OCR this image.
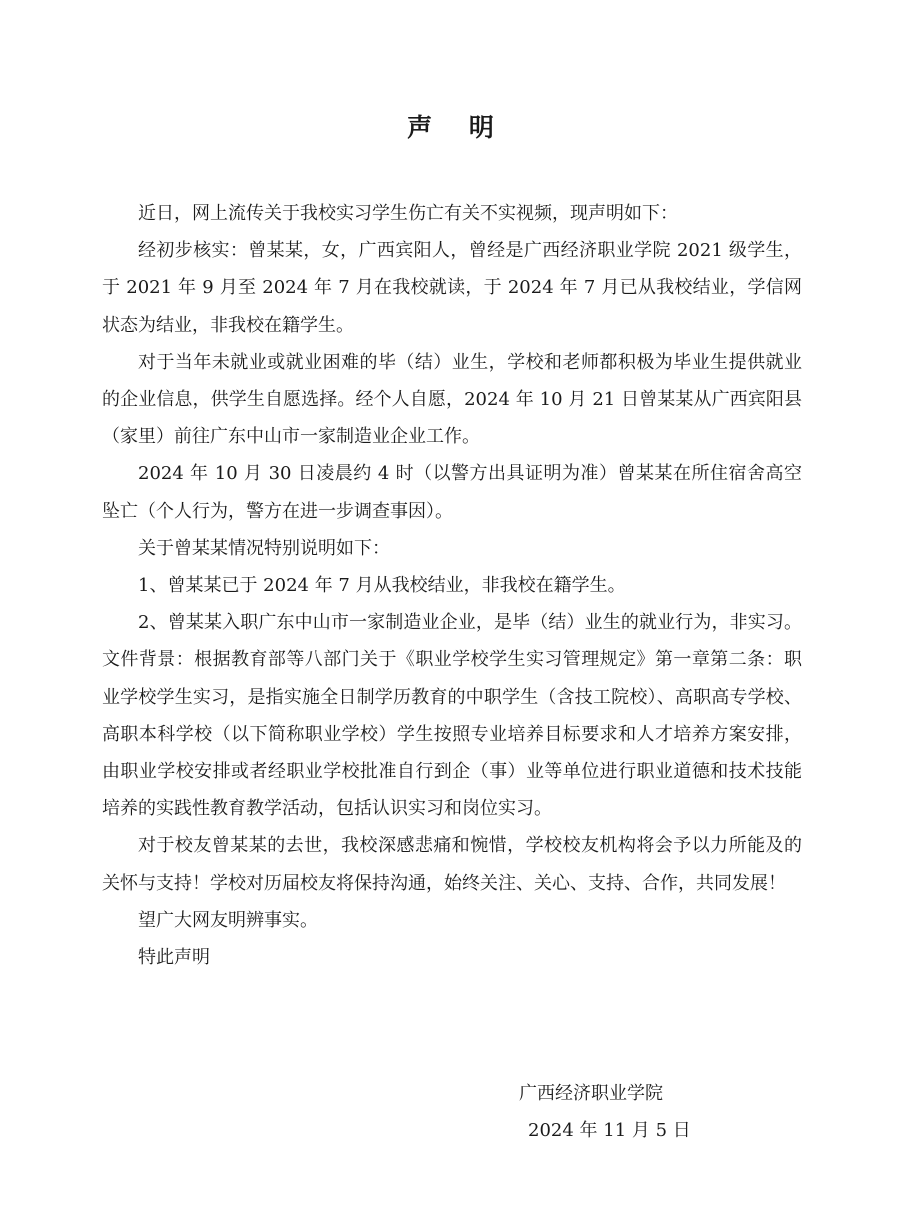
声 明

近日，网上流传关于我校实习学生伤亡有关不实视频，现声明如下：

经初步核实：曾某某，女，广西宾阳人，曾经是广西经济职业学院 2021 级学生，于 2021 年 9 月至 2024 年 7 月在我校就读，于 2024 年 7 月已从我校结业，学信网状态为结业，非我校在籍学生。

对于当年未就业或就业困难的毕（结）业生，学校和老师都积极为毕业生提供就业的企业信息，供学生自愿选择。经个人自愿，2024 年 10 月 21 日曾某某从广西宾阳县（家里）前往广东中山市一家制造业企业工作。

2024 年 10 月 30 日凌晨约 4 时（以警方出具证明为准）曾某某在所住宿舍高空坠亡（个人行为，警方在进一步调查事因）。

关于曾某某情况特别说明如下：

1、曾某某已于 2024 年 7 月从我校结业，非我校在籍学生。

2、曾某某入职广东中山市一家制造业企业，是毕（结）业生的就业行为，非实习。文件背景：根据教育部等八部门关于《职业学校学生实习管理规定》第一章第二条：职业学校学生实习，是指实施全日制学历教育的中职学生（含技工院校）、高职高专学校、高职本科学校（以下简称职业学校）学生按照专业培养目标要求和人才培养方案安排，由职业学校安排或者经职业学校批准自行到企（事）业等单位进行职业道德和技术技能培养的实践性教育教学活动，包括认识实习和岗位实习。

对于校友曾某某的去世，我校深感悲痛和惋惜，学校校友机构将会予以力所能及的关怀与支持！学校对历届校友将保持沟通，始终关注、关心、支持、合作，共同发展！

望广大网友明辨事实。

特此声明

广西经济职业学院
2024 年 11 月 5 日
